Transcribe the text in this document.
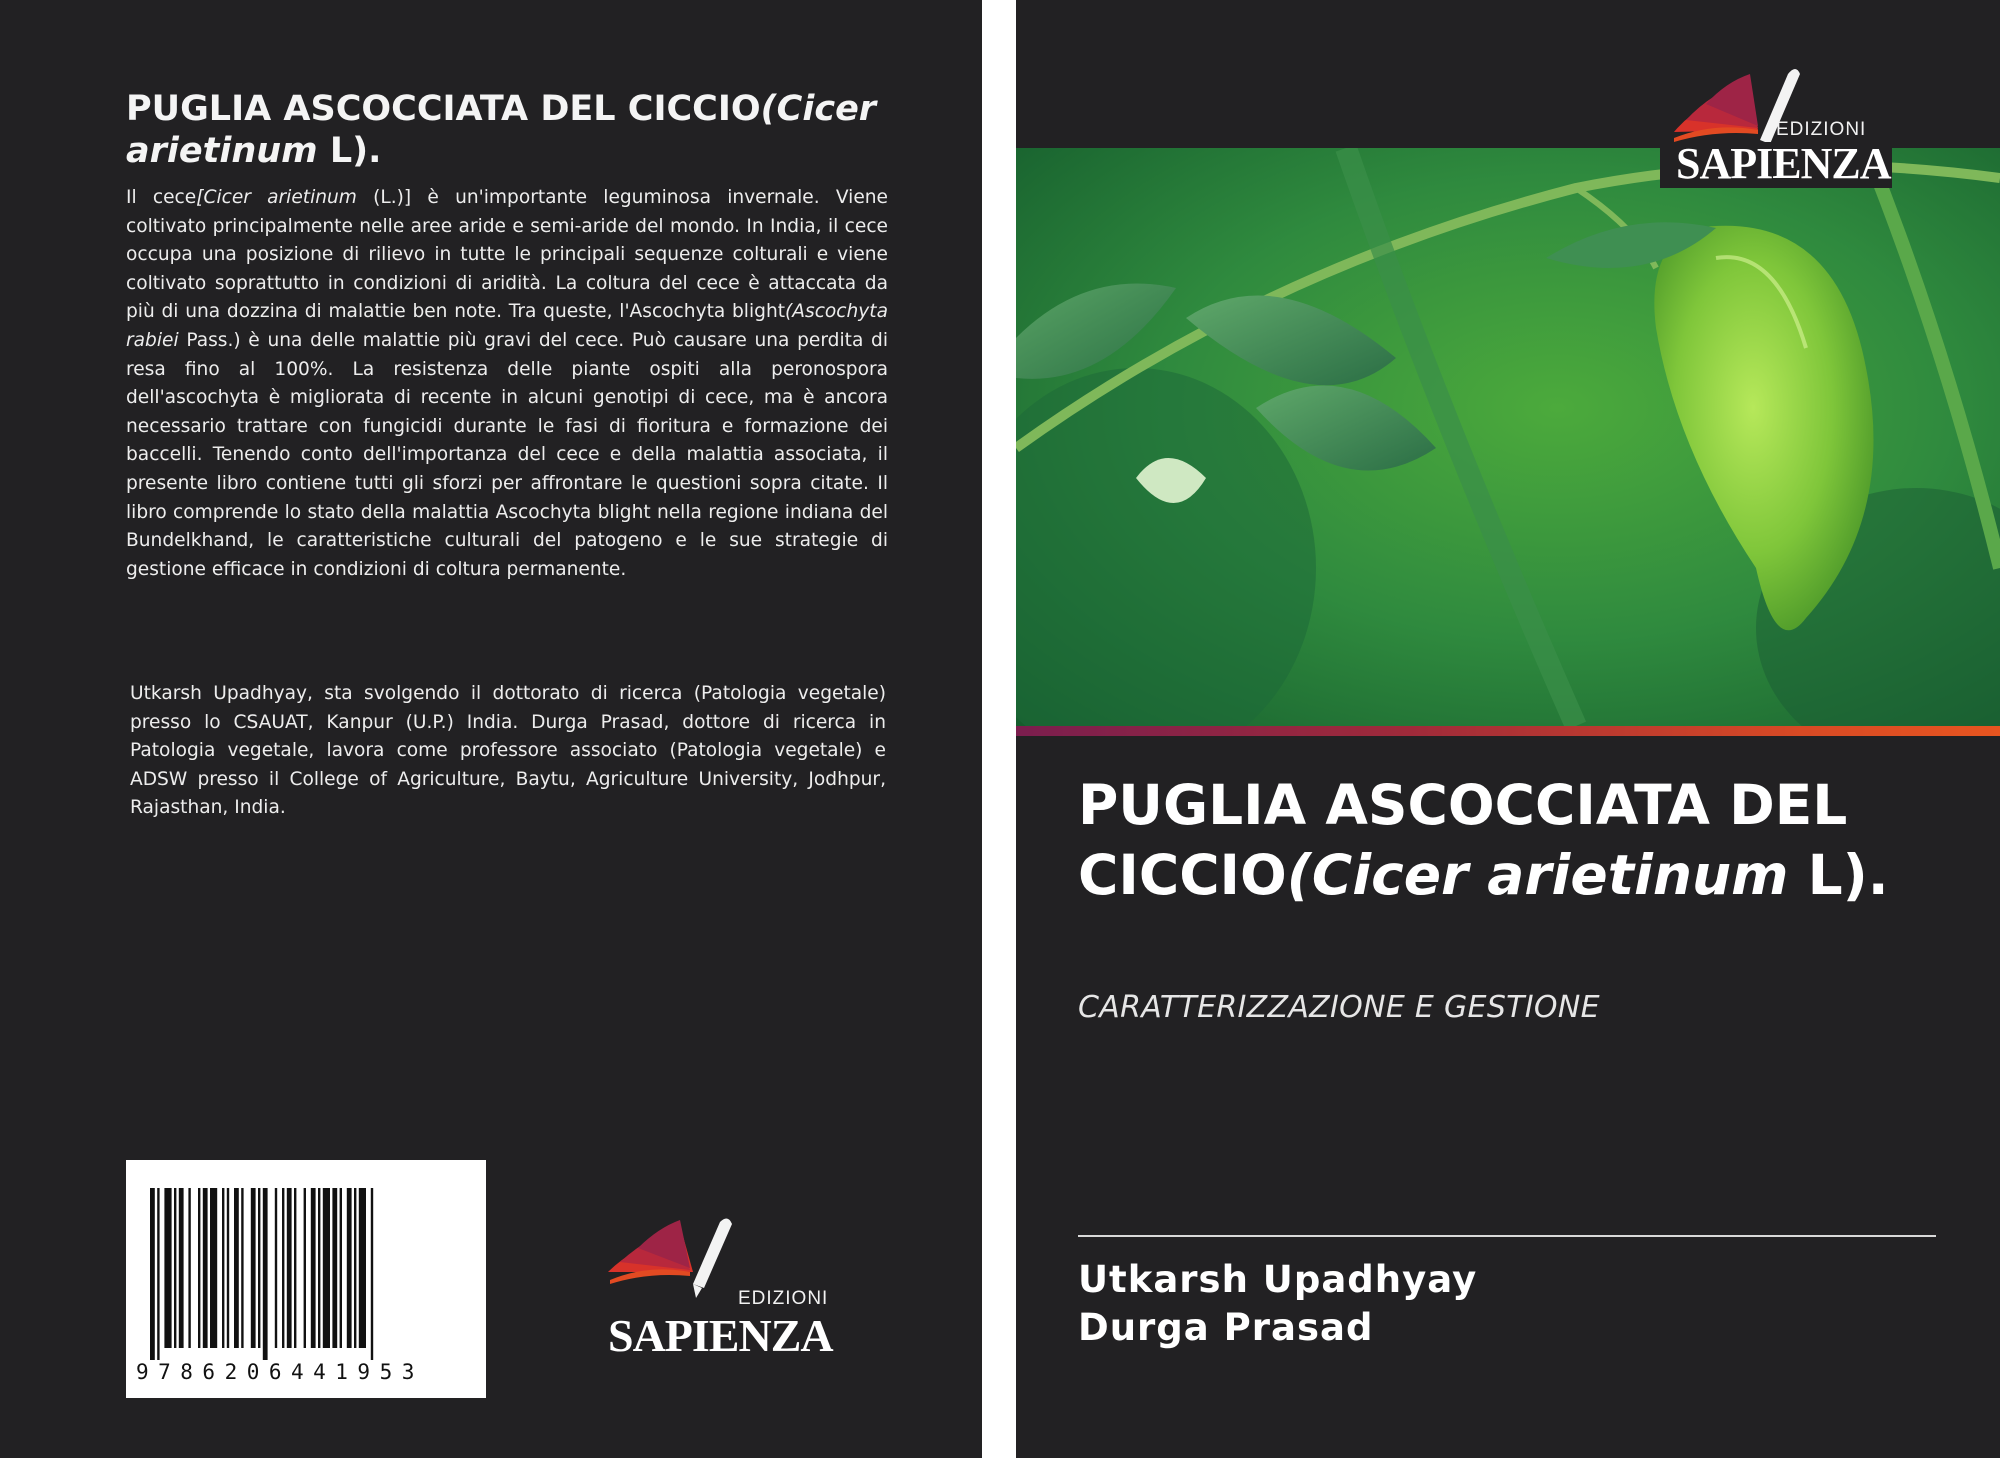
PUGLIA ASCOCCIATA DEL CICCIO(Cicer arietinum L).

Il cece[Cicer arietinum (L.)] è un'importante leguminosa invernale. Viene coltivato principalmente nelle aree aride e semi-aride del mondo. In India, il cece occupa una posizione di rilievo in tutte le principali sequenze colturali e viene coltivato soprattutto in condizioni di aridità. La coltura del cece è attaccata da più di una dozzina di malattie ben note. Tra queste, l'Ascochyta blight(Ascochyta rabiei Pass.) è una delle malattie più gravi del cece. Può causare una perdita di resa fino al 100%. La resistenza delle piante ospiti alla peronospora dell'ascochyta è migliorata di recente in alcuni genotipi di cece, ma è ancora necessario trattare con fungicidi durante le fasi di fioritura e formazione dei baccelli. Tenendo conto dell'importanza del cece e della malattia associata, il presente libro contiene tutti gli sforzi per affrontare le questioni sopra citate. Il libro comprende lo stato della malattia Ascochyta blight nella regione indiana del Bundelkhand, le caratteristiche culturali del patogeno e le sue strategie di gestione efficace in condizioni di coltura permanente.

Utkarsh Upadhyay, sta svolgendo il dottorato di ricerca (Patologia vegetale) presso lo CSAUAT, Kanpur (U.P.) India. Durga Prasad, dottore di ricerca in Patologia vegetale, lavora come professore associato (Patologia vegetale) e ADSW presso il College of Agriculture, Baytu, Agriculture University, Jodhpur, Rajasthan, India.

9786206441953
EDIZIONI
SAPIENZA
EDIZIONI
SAPIENZA
PUGLIA ASCOCCIATA DEL CICCIO(Cicer arietinum L).

CARATTERIZZAZIONE E GESTIONE

Utkarsh Upadhyay

Durga Prasad
